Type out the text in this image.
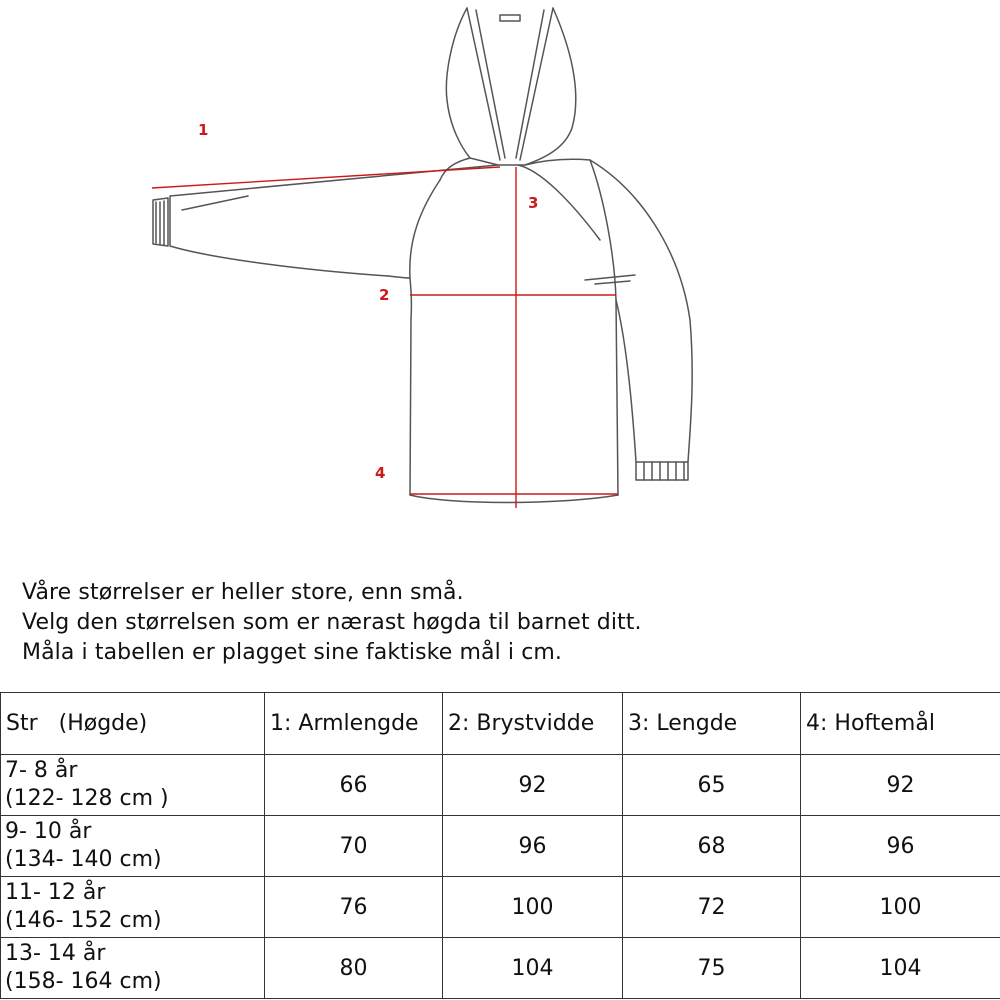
1
2
3
4
Våre størrelser er heller store, enn små.
Velg den størrelsen som er nærast høgda til barnet ditt.
Måla i tabellen er plagget sine faktiske mål i cm.
Str   (Høgde)	1: Armlengde	2: Brystvidde	3: Lengde	4: Hoftemål

7- 8 år
(122- 128 cm )	66	92	65	92

9- 10 år
(134- 140 cm)	70	96	68	96

11- 12 år
(146- 152 cm)	76	100	72	100

13- 14 år
(158- 164 cm)	80	104	75	104
